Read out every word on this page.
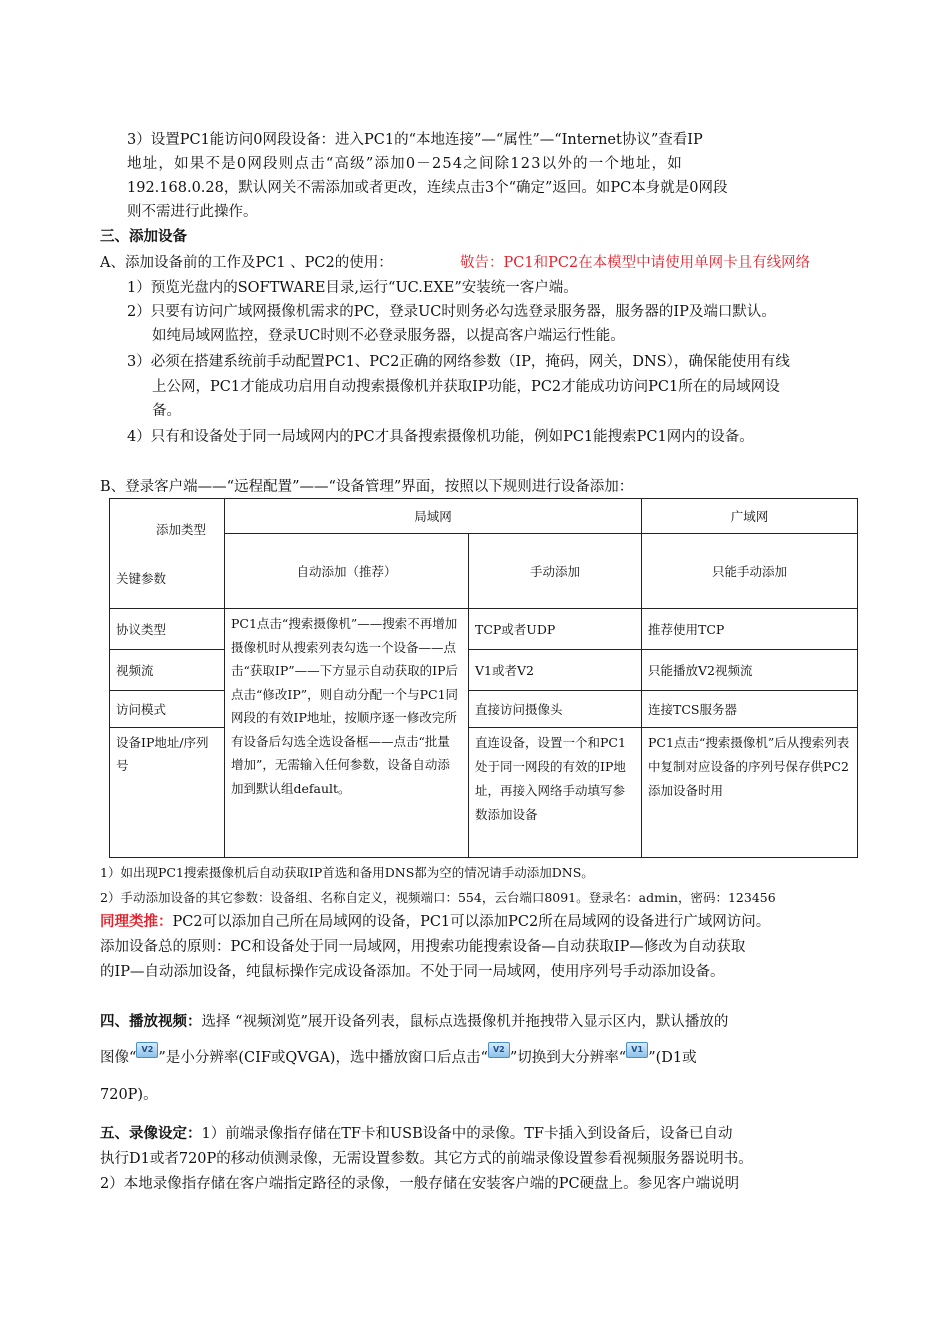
3）设置PC1能访问0网段设备：进入PC1的“本地连接”—“属性”—“Internet协议”查看IP

地址，如果不是0网段则点击“高级”添加0－254之间除123以外的一个地址，如

192.168.0.28，默认网关不需添加或者更改，连续点击3个“确定”返回。如PC本身就是0网段

则不需进行此操作。

三、添加设备

A、添加设备前的工作及PC1 、PC2的使用：	敬告：PC1和PC2在本模型中请使用单网卡且有线网络

1）预览光盘内的SOFTWARE目录,运行“UC.EXE”安装统一客户端。

2）只要有访问广域网摄像机需求的PC，登录UC时则务必勾选登录服务器，服务器的IP及端口默认。

如纯局域网监控，登录UC时则不必登录服务器，以提高客户端运行性能。

3）必须在搭建系统前手动配置PC1、PC2正确的网络参数（IP，掩码，网关，DNS），确保能使用有线

上公网，PC1才能成功启用自动搜索摄像机并获取IP功能，PC2才能成功访问PC1所在的局域网设

备。

4）只有和设备处于同一局域网内的PC才具备搜索摄像机功能，例如PC1能搜索PC1网内的设备。

B、登录客户端——“远程配置”——“设备管理”界面，按照以下规则进行设备添加：

添加类型
关键参数	局域网		广域网
	自动添加（推荐）	手动添加	只能手动添加
协议类型	PC1点击“搜索摄像机”——搜索不再增加摄像机时从搜索列表勾选一个设备——点击“获取IP”——下方显示自动获取的IP后点击“修改IP”，则自动分配一个与PC1同网段的有效IP地址，按顺序逐一修改完所有设备后勾选全选设备框——点击“批量增加”，无需输入任何参数，设备自动添加到默认组default。	TCP或者UDP	推荐使用TCP
视频流		V1或者V2	只能播放V2视频流
访问模式		直接访问摄像头	连接TCS服务器
设备IP地址/序列号		直连设备，设置一个和PC1处于同一网段的有效的IP地址，再接入网络手动填写参数添加设备	PC1点击“搜索摄像机”后从搜索列表中复制对应设备的序列号保存供PC2添加设备时用

1）如出现PC1搜索摄像机后自动获取IP首选和备用DNS都为空的情况请手动添加DNS。

2）手动添加设备的其它参数：设备组、名称自定义，视频端口：554，云台端口8091。登录名：admin，密码：123456

同理类推：PC2可以添加自己所在局域网的设备，PC1可以添加PC2所在局域网的设备进行广域网访问。

添加设备总的原则：PC和设备处于同一局域网，用搜索功能搜索设备—自动获取IP—修改为自动获取

的IP—自动添加设备，纯鼠标操作完成设备添加。不处于同一局域网，使用序列号手动添加设备。

四、播放视频：选择 “视频浏览”展开设备列表，鼠标点选摄像机并拖拽带入显示区内，默认播放的

图像“V2”是小分辨率(CIF或QVGA)，选中播放窗口后点击“V2”切换到大分辨率“V1”(D1或

720P)。

五、录像设定：1）前端录像指存储在TF卡和USB设备中的录像。TF卡插入到设备后，设备已自动

执行D1或者720P的移动侦测录像，无需设置参数。其它方式的前端录像设置参看视频服务器说明书。

2）本地录像指存储在客户端指定路径的录像，一般存储在安装客户端的PC硬盘上。参见客户端说明
